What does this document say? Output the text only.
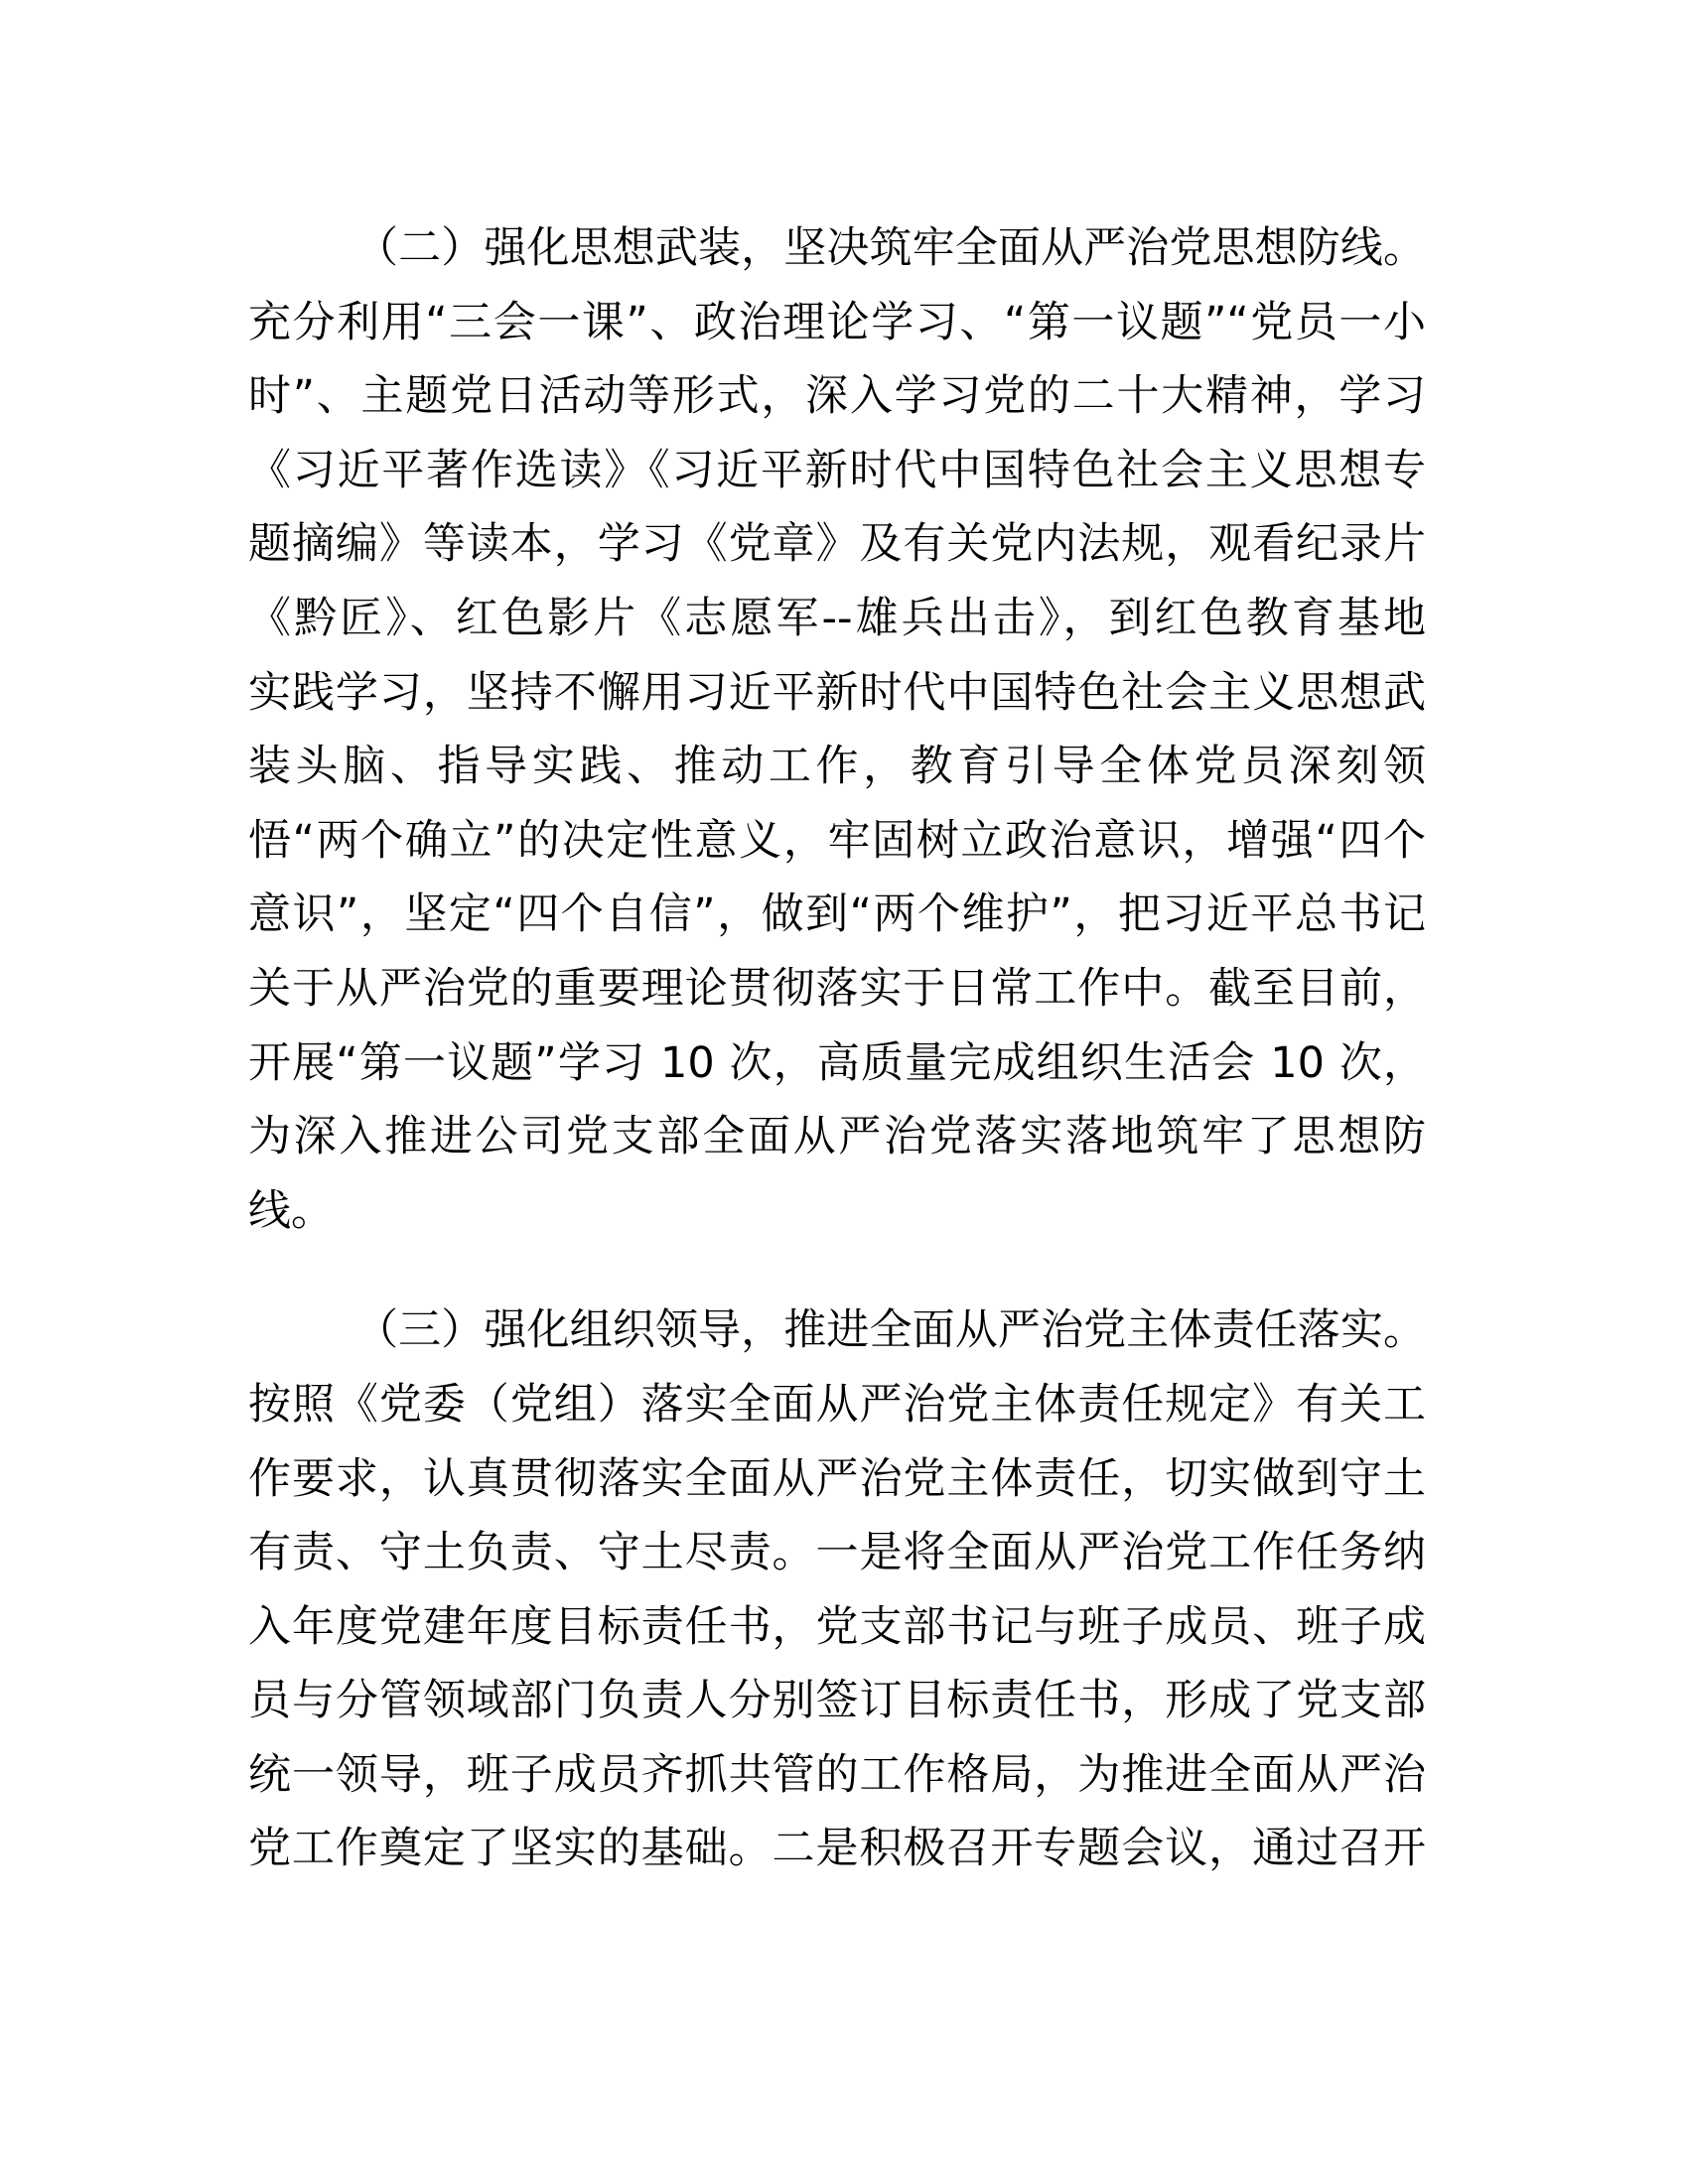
（二）强化思想武装，坚决筑牢全面从严治党思想防线。
充分利用“三会一课”、政治理论学习、“第一议题”“党员一小
时”、主题党日活动等形式，深入学习党的二十大精神，学习
《习近平著作选读》《习近平新时代中国特色社会主义思想专
题摘编》等读本，学习《党章》及有关党内法规，观看纪录片
《黔匠》、红色影片《志愿军--雄兵出击》，到红色教育基地
实践学习，坚持不懈用习近平新时代中国特色社会主义思想武
装头脑、指导实践、推动工作，教育引导全体党员深刻领
悟“两个确立”的决定性意义，牢固树立政治意识，增强“四个
意识”，坚定“四个自信”，做到“两个维护”，把习近平总书记
关于从严治党的重要理论贯彻落实于日常工作中。截至目前，
开展“第一议题”学习 10 次，高质量完成组织生活会 10 次，
为深入推进公司党支部全面从严治党落实落地筑牢了思想防
线。
（三）强化组织领导，推进全面从严治党主体责任落实。
按照《党委（党组）落实全面从严治党主体责任规定》有关工
作要求，认真贯彻落实全面从严治党主体责任，切实做到守土
有责、守土负责、守土尽责。一是将全面从严治党工作任务纳
入年度党建年度目标责任书，党支部书记与班子成员、班子成
员与分管领域部门负责人分别签订目标责任书，形成了党支部
统一领导，班子成员齐抓共管的工作格局，为推进全面从严治
党工作奠定了坚实的基础。二是积极召开专题会议，通过召开
